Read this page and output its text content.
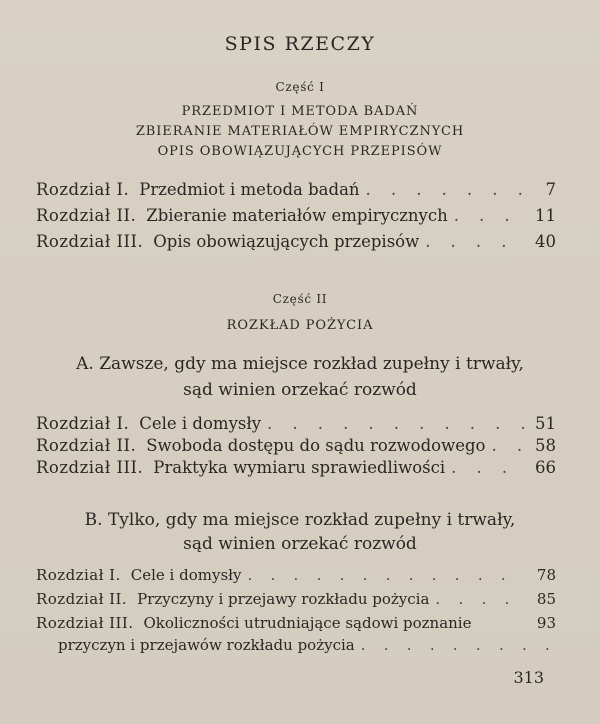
SPIS RZECZY
Część I
PRZEDMIOT I METODA BADAŃ
ZBIERANIE MATERIAŁÓW EMPIRYCZNYCH
OPIS OBOWIĄZUJĄCYCH PRZEPISÓW
Rozdział I. Przedmiot i metoda badań . . .	7
Rozdział II. Zbieranie materiałów empirycznych . . .	11
Rozdział III. Opis obowiązujących przepisów . . .	40
Część II
ROZKŁAD POŻYCIA
A. Zawsze, gdy ma miejsce rozkład zupełny i trwały,
sąd winien orzekać rozwód
Rozdział I. Cele i domysły . . .	51
Rozdział II. Swoboda dostępu do sądu rozwodowego . . .	58
Rozdział III. Praktyka wymiaru sprawiedliwości . . .	66
B. Tylko, gdy ma miejsce rozkład zupełny i trwały,
sąd winien orzekać rozwód
Rozdział I. Cele i domysły . . .	78
Rozdział II. Przyczyny i przejawy rozkładu pożycia . . .	85
Rozdział III. Okoliczności utrudniające sądowi poznanie	93
przyczyn i przejawów rozkładu pożycia
. . .
313
